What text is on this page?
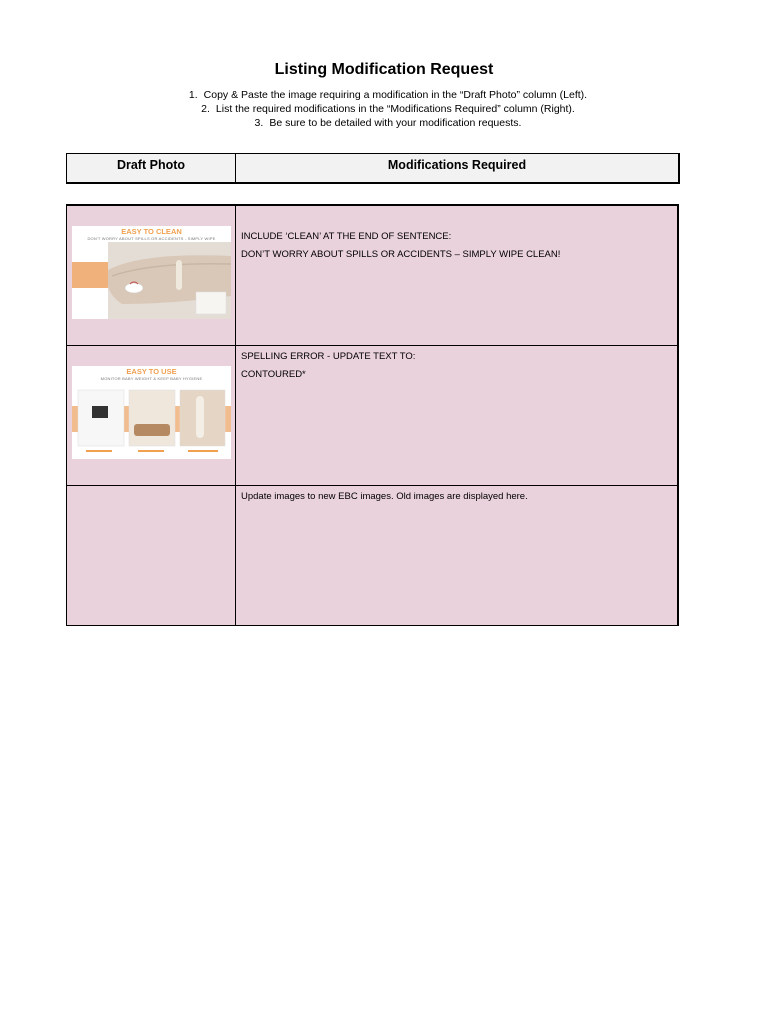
Listing Modification Request
1. Copy & Paste the image requiring a modification in the “Draft Photo” column (Left).
2. List the required modifications in the “Modifications Required” column (Right).
3. Be sure to be detailed with your modification requests.
Draft Photo	Modifications Required
EASY TO CLEAN
DON'T WORRY ABOUT SPILLS OR ACCIDENTS - SIMPLY WIPE	INCLUDE ‘CLEAN’ AT THE END OF SENTENCE:
DON’T WORRY ABOUT SPILLS OR ACCIDENTS – SIMPLY WIPE CLEAN!
EASY TO USE
MONITOR BABY WEIGHT & KEEP BABY HYGIENE
SPELLING ERROR - UPDATE TEXT TO:
CONTOURED*
Update images to new EBC images. Old images are displayed here.
